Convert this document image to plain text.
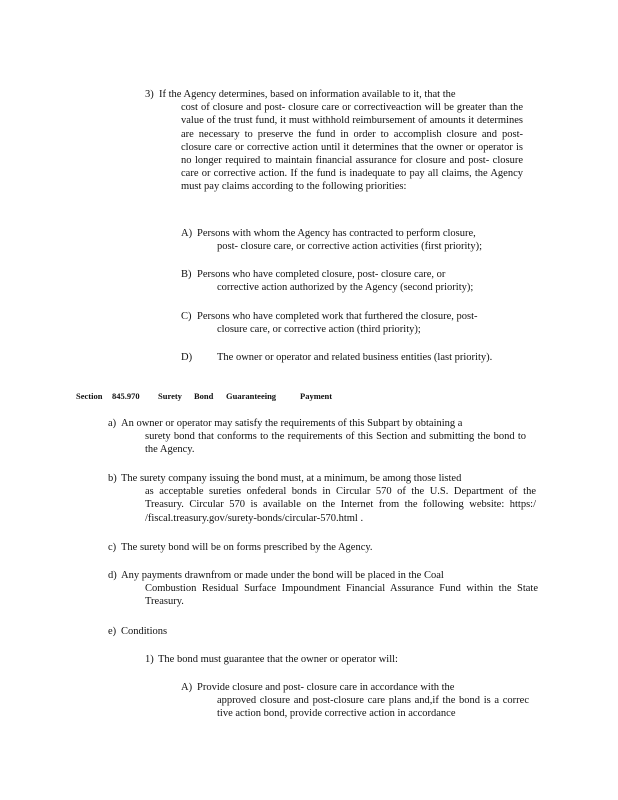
3) If the Agency determines, based on information available to it, that the

cost of closure and post- closure care or correctiveaction will be greater than the value of the trust fund, it must withhold reimbursement of amounts it determines are necessary to preserve the fund in order to accomplish closure and post- closure care or corrective action until it determines that the owner or operator is no longer required to maintain financial assurance for closure and post- closure care or corrective action. If the fund is inadequate to pay all claims, the Agency must pay claims according to the following priorities:

A) Persons with whom the Agency has contracted to perform closure,

post- closure care, or corrective action activities (first priority);

B) Persons who have completed closure, post- closure care, or

corrective action authorized by the Agency (second priority);

C) Persons who have completed work that furthered the closure, post-

closure care, or corrective action (third priority);

D)	The owner or operator and related business entities (last priority).

Section 845.970 Surety Bond Guaranteeing	Payment
a) An owner or operator may satisfy the requirements of this Subpart by obtaining a

surety bond that conforms to the requirements of this Section and submitting the bond to the Agency.

b) The surety company issuing the bond must, at a minimum, be among those listed

as acceptable sureties onfederal bonds in Circular 570 of the U.S. Department of the Treasury. Circular 570 is available on the Internet from the following website: https:/ /fiscal.treasury.gov/surety-bonds/circular-570.html .

c) The surety bond will be on forms prescribed by the Agency.

d) Any payments drawnfrom or made under the bond will be placed in the Coal

Combustion Residual Surface Impoundment Financial Assurance Fund within the State Treasury.

e) Conditions

1) The bond must guarantee that the owner or operator will:

A) Provide closure and post- closure care in accordance with the

approved closure and post-closure care plans and,if the bond is a correc tive action bond, provide corrective action in accordance
